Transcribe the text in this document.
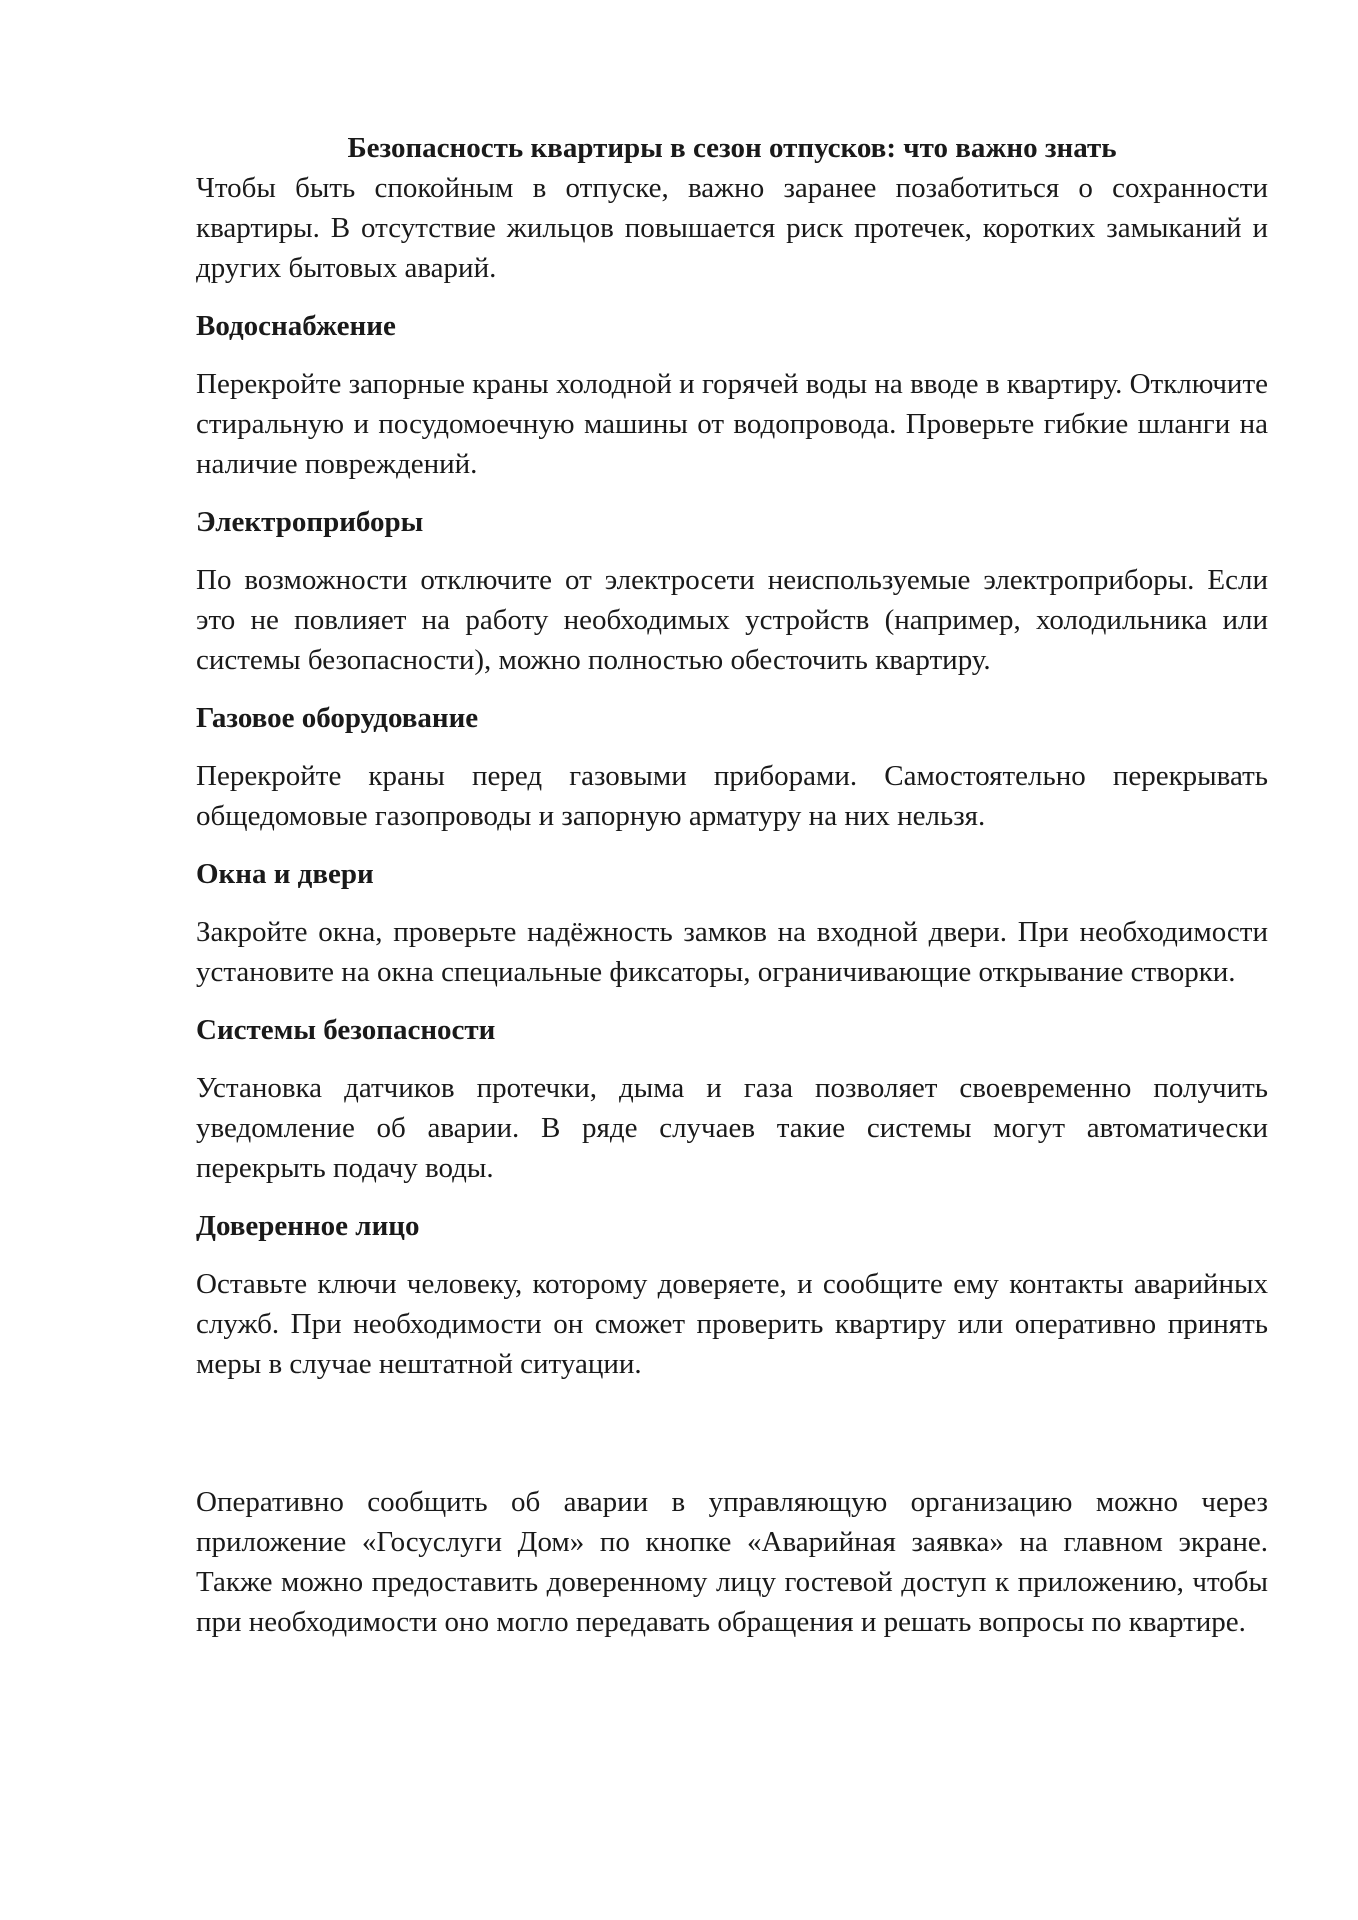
Безопасность квартиры в сезон отпусков: что важно знать

Чтобы быть спокойным в отпуске, важно заранее позаботиться о сохранности квартиры. В отсутствие жильцов повышается риск протечек, коротких замыканий и других бытовых аварий.

Водоснабжение

Перекройте запорные краны холодной и горячей воды на вводе в квартиру. Отключите стиральную и посудомоечную машины от водопровода. Проверьте гибкие шланги на наличие повреждений.

Электроприборы

По возможности отключите от электросети неиспользуемые электроприборы. Если это не повлияет на работу необходимых устройств (например, холодильника или системы безопасности), можно полностью обесточить квартиру.

Газовое оборудование

Перекройте краны перед газовыми приборами. Самостоятельно перекрывать общедомовые газопроводы и запорную арматуру на них нельзя.

Окна и двери

Закройте окна, проверьте надёжность замков на входной двери. При необходимости установите на окна специальные фиксаторы, ограничивающие открывание створки.

Системы безопасности

Установка датчиков протечки, дыма и газа позволяет своевременно получить уведомление об аварии. В ряде случаев такие системы могут автоматически перекрыть подачу воды.

Доверенное лицо

Оставьте ключи человеку, которому доверяете, и сообщите ему контакты аварийных служб. При необходимости он сможет проверить квартиру или оперативно принять меры в случае нештатной ситуации.

Оперативно сообщить об аварии в управляющую организацию можно через приложение «Госуслуги Дом» по кнопке «Аварийная заявка» на главном экране. Также можно предоставить доверенному лицу гостевой доступ к приложению, чтобы при необходимости оно могло передавать обращения и решать вопросы по квартире.
